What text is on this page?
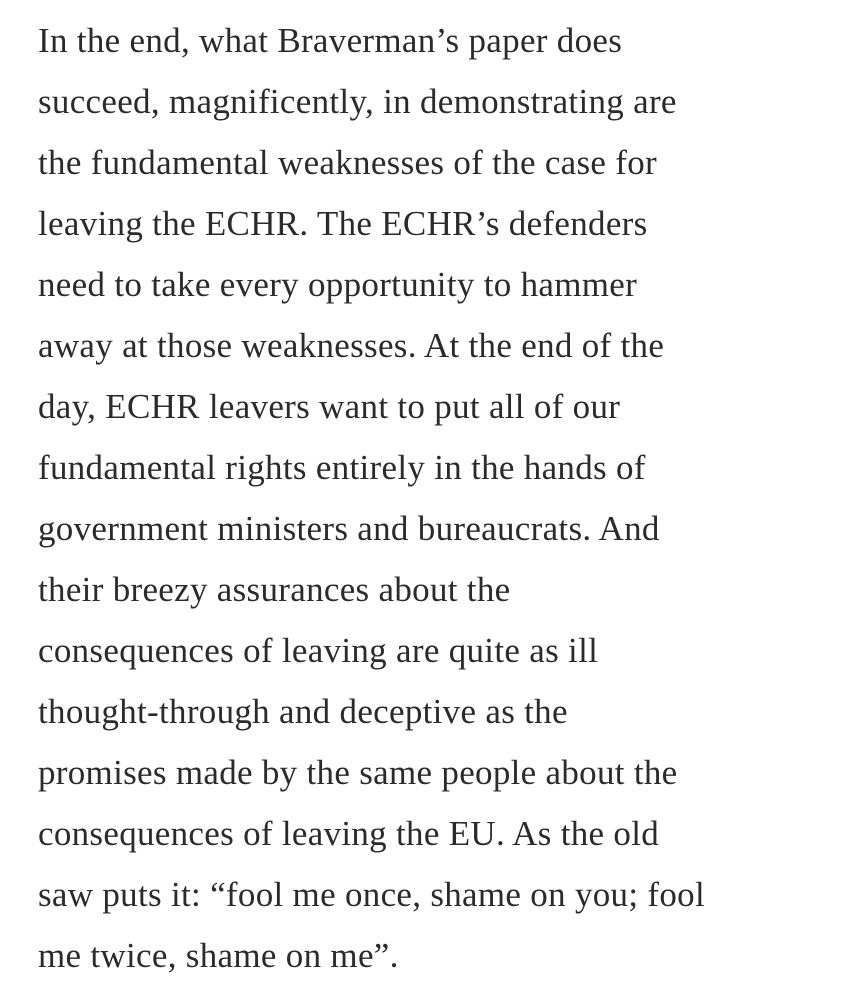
In the end, what Braverman’s paper does
succeed, magnificently, in demonstrating are
the fundamental weaknesses of the case for
leaving the ECHR. The ECHR’s defenders
need to take every opportunity to hammer
away at those weaknesses. At the end of the
day, ECHR leavers want to put all of our
fundamental rights entirely in the hands of
government ministers and bureaucrats. And
their breezy assurances about the
consequences of leaving are quite as ill
thought-through and deceptive as the
promises made by the same people about the
consequences of leaving the EU. As the old
saw puts it: “fool me once, shame on you; fool
me twice, shame on me”.
